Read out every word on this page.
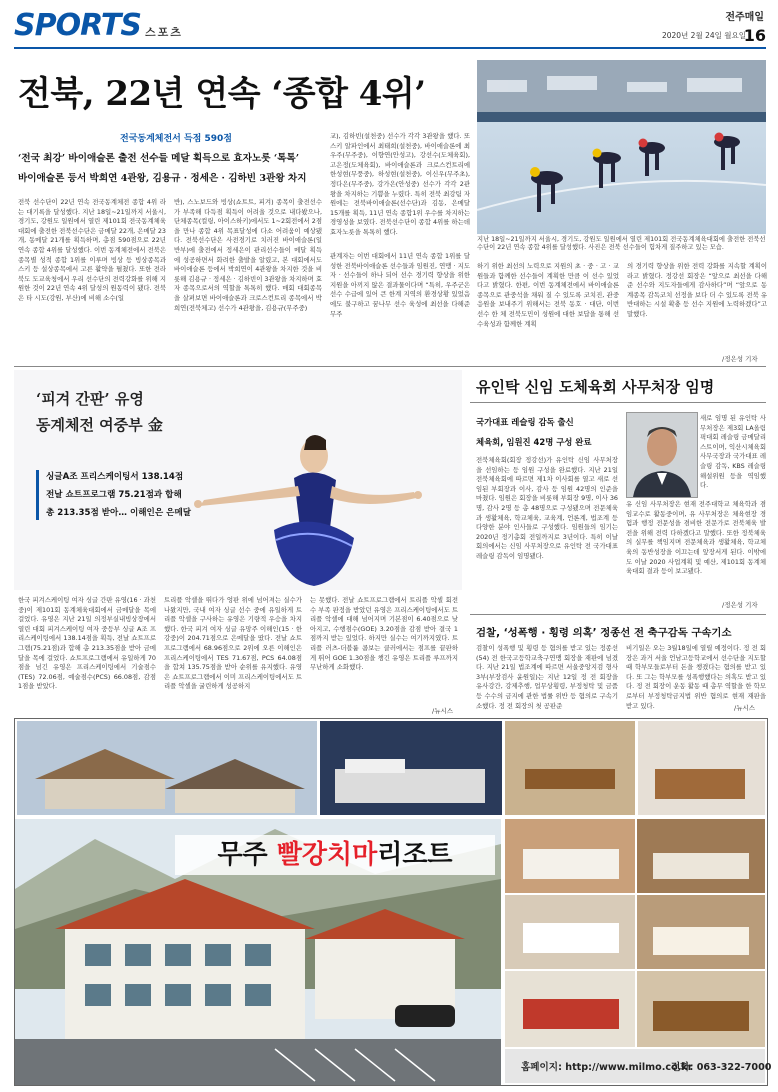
SPORTS 스포츠
전주매일
2020년 2월 24일 월요일
16
전북, 22년 연속 ‘종합 4위’
전국동계체전서 득점 590점
‘전국 최강’ 바이애슬론 출전 선수들 메달 획득으로 효자노릇 ‘톡톡’
바이애슬론 등서 박희연 4관왕, 김용규 · 정세은 · 김하빈 3관왕 차지
전북 선수단이 22년 연속 전국동계체전 종합 4위 라는 대기록을 달성했다. 지난 18일~21일까지 서울시, 경기도, 강원도 일원에서 열린 제101회 전국동계체육대회에 출전한 전북선수단은 금메달 22개, 은메달 23개, 동메달 21개를 획득하며, 총점 590점으로 22년 연속 종합 4위를 달성했다. 이번 동계체전에서 전북은 종목별 성적 종합 1위를 이루며 빙상 등 빙상종목과 스키 등 설상종목에서 고른 활약을 펼쳤다. 또한 전라북도 도교육청에서 우리 선수단의 전력강화를 위해 지원한 것이 22년 연속 4위 달성의 원동력이 됐다. 전북은 타 시도(강원, 부산)에 비해 소수(일
반), 스노보드와 빙상(쇼트트, 피겨) 종목이 출전선수가 부족해 다득점 획득이 어려울 것으로 내다봤으나, 단체종목(컬링, 아이스하키)에서도 1~2회전에서 2점을 만나 종합 4위 목표달성에 다소 어려움이 예상됐다. 전북선수단은 사전경기로 치러진 바이애슬론(일반부)에 출전에서 정세은이 관리선수들이 메달 획득에 성공하면서 화려한 출발을 알렸고, 본 대회에서도 바이애슬론 등에서 박희연이 4관왕을 차지한 것을 비롯해 김용규 · 정세은 · 김하빈이 3관왕을 차지하며 효자 종목으로서의 역할을 톡톡히 했다. 매회 대회종목을 살펴보면 바이애슬론과 크로스컨트리 종목에서 박희연(전북체고) 선수가 4관왕을, 김용규(무주중)
교), 김하빈(설천중) 선수가 각각 3관왕을 했다. 또 스키 알파인에서 최태희(설천중), 바이애슬론에 최우주(무주중), 이향연(안성고), 강선수(도체육회), 고은정(도체육회), 바이애슬론과 크로스컨트리에 한성현(무풍중), 하성현(설천중), 이신우(무주초), 정다은(무주중), 강가은(안성중) 선수가 각각 2관왕을 차지하는 기쁨을 누렸다. 특히 전북 최강팀 자원에는 전북바이애슬론(선수단)과 김동, 은메달 15개를 획득, 11년 연속 종합1위 우수를 차지하는 경영성을 보였다. 전북선수단이 종합 4위를 하는데 효자노릇을 톡톡히 했다.
관계자는 이번 대회에서 11년 연속 종합 1위를 달성한 전북바이애슬론 선수들과 임원진, 연맹 · 지도자 · 선수들이 하나 되어 선수 경기력 향상을 위한 지원을 아끼지 않은 결과물이다며 “특히, 우주군은 선수 수급에 있어 큰 한계 지역의 환경상황 있었음에도 불구하고 꿈나무 선수 육성에 최선을 다해준 무주
하기 위한 최선의 노력으로 지원의 초 · 중 · 고 · 교원들과 함께한 선수들이 계획한 만큼 이 선수 있었다고 밝혔다. 한편, 이번 동계체전에서 바이애슬론 종목으로 관중석을 채워 질 수 있도록 코치진, 관중 응원을 보내주기 위해서는 전북 동호 · 대단, 이번 선수 한 체 전북도민이 성원에 대한 보답을 통해 선수육성과 함께한 계획
의 경기력 향상을 위한 전력 강화를 지속할 계획이라고 밝혔다. 정강선 회장은 “앞으로 최선을 다해준 선수와 지도자들에게 감사하다”며 “앞으로 동계종목 감독코치 선정을 보다 더 수 있도록 전북 유 반대하는 시설 확충 등 선수 지원에 노력하겠다”고 말했다.
/정은성 기자
지난 18일~21일까지 서울시, 경기도, 강원도 일원에서 열린 제101회 전국동계체육대회에 출전한 전북선수단이 22년 연속 종합 4위를 달성했다. 사진은 전북 선수들이 힘차게 질주하고 있는 모습.
‘피겨 간판’ 유영
동계체전 여중부 金
싱글A조 프리스케이팅서 138.14점
전날 쇼트프로그램 75.21점과 합해
총 213.35점 받아… 이해인은 은메달
한국 피겨스케이팅 여자 싱글 간판 유영(16 · 과천중)이 제101회 동계체육대회에서 금메달을 목에 걸었다. 유영은 지난 21일 의정부실내빙상장에서 열린 대회 피겨스케이팅 여자 중등부 싱글 A조 프리스케이팅에서 138.14점을 획득, 전날 쇼트프로그램(75.21점)과 합해 총 213.35점을 받아 금메달을 목에 걸었다. 쇼트프로그램에서 유일하게 70점을 넘긴 유영은 프리스케이팅에서 기술점수(TES) 72.06점, 예술점수(PCS) 66.08점, 감점 1점을 받았다.
트리플 악셀을 뛰다가 엉판 위에 넘어져는 실수가 나왔지만, 국내 여자 싱글 선수 중에 유일하게 트리플 악셀을 구사하는 유영은 기량적 우승을 차지했다. 한국 피겨 여자 싱글 유망주 이해인(15 · 한강중)이 204.71점으로 은메달을 땄다. 전날 쇼트프로그램에서 68.96점으로 2위에 오른 이해인은 프리스케이팅에서 TES 71.67점, PCS 64.08점을 합쳐 135.75점을 받아 순위를 유지했다. 유영은 쇼트프로그램에서 이미 프리스케이팅에서도 트리플 악셀을 굴린하게 성공하지
는 못했다. 전날 쇼트프로그램에서 트리플 악셀 회전 수 부족 판정을 받았던 유영은 프리스케이팅에서도 트리플 악셀에 대해 넘어지며 기본점이 6.40점으로 낮아지고, 수행점수(GOE) 3.20점을 감점 받아 결국 1점까지 받는 있었다. 하지만 실수는 여기까지였다. 트리플 러츠-더블룹 콤보는 클러에서는 점프를 끝판하게 뛰어 GOE 1.30점을 챙긴 유영은 트리플 루프까지 무난하게 소화했다.
/뉴시스
유인탁 신임 도체육회 사무처장 임명
국가대표 레슬링 감독 출신
체육회, 임원진 42명 구성 완료
새로 임명 된 유인탁 사무처장은 제3회 LA올림픽대회 레슬링 금메달리스트이며, 익산시체육회 사무국장과 국가대표 레슬링 감독, KBS 레슬링 해설위원 등을 역임했다.
전북체육회(회장 정강선)가 유인탁 신임 사무처장을 선임하는 등 임원 구성을 완료했다. 지난 21일 전북체육회에 따르면 제1차 이사회를 열고 새로 선임된 부회장과 이사, 감사 등 임원 42명의 인준을 마쳤다. 임원은 회장을 비롯해 부회장 9명, 이사 36명, 감사 2명 등 총 48명으로 구성됐으며 전문체육과 생활체육, 학교체육, 교육계, 언론계, 법조계 등 다양한 분야 인사들로 구성했다. 임원들의 임기는 2020년 정기총회 전일까지로 3년이다. 특히 이날 회의에서는 신임 사무처장으로 유인탁 전 국가대표 레슬링 감독이 임명됐다.
유 신임 사무처장은 현재 전주대학교 체육학과 겸임교수로 활동중이며, 유 사무처장은 체육현장 경험과 행정 전문성을 겸비한 전문가로 전북체육 발전을 위해 전력 다하겠다고 말했다. 또한 정북체육의 실무를 책임지며 전문체육과 생활체육, 학교체육의 동반성장을 이끄는데 앞장서게 된다. 이밖에도 이날 2020 사업계획 및 예산, 제101회 동계체육대회 결과 등이 보고됐다.
/정은성 기자
검찰, ‘성폭행 · 횡령 의혹’ 정종선 전 축구감독 구속기소
검찰이 성폭행 및 횡령 등 혐의를 받고 있는 정종선(54) 전 한국고등학교축구연맹 회장을 재판에 넘겼다. 지난 21일 법조계에 따르면 서울중앙지검 형사3부(부장검사 윤원일)는 지난 12일 정 전 회장을 유사강간, 강제추행, 업무상횡령, 부정청탁 및 금품 등 수수의 금지에 관한 법률 위반 등 혐의로 구속기소했다. 정 전 회장의 첫 공판준
비기일은 오는 3월18일에 열릴 예정이다. 정 전 회장은 과거 서울 언남고등학교에서 선수단을 지도할 때 학부모들로부터 돈을 챙겼다는 혐의를 받고 있다. 또 그는 학부모를 성폭행했다는 의혹도 받고 있다. 정 전 회장이 운동 활동 때 총무 역할을 한 학모로부터 부정청탁금지법 위반 혐의로 현재 재판을 받고 있다.	/뉴시스
무주 빨강치마리조트
홈페이지: http://www.milmo.co.kr
전화: 063-322-7000
